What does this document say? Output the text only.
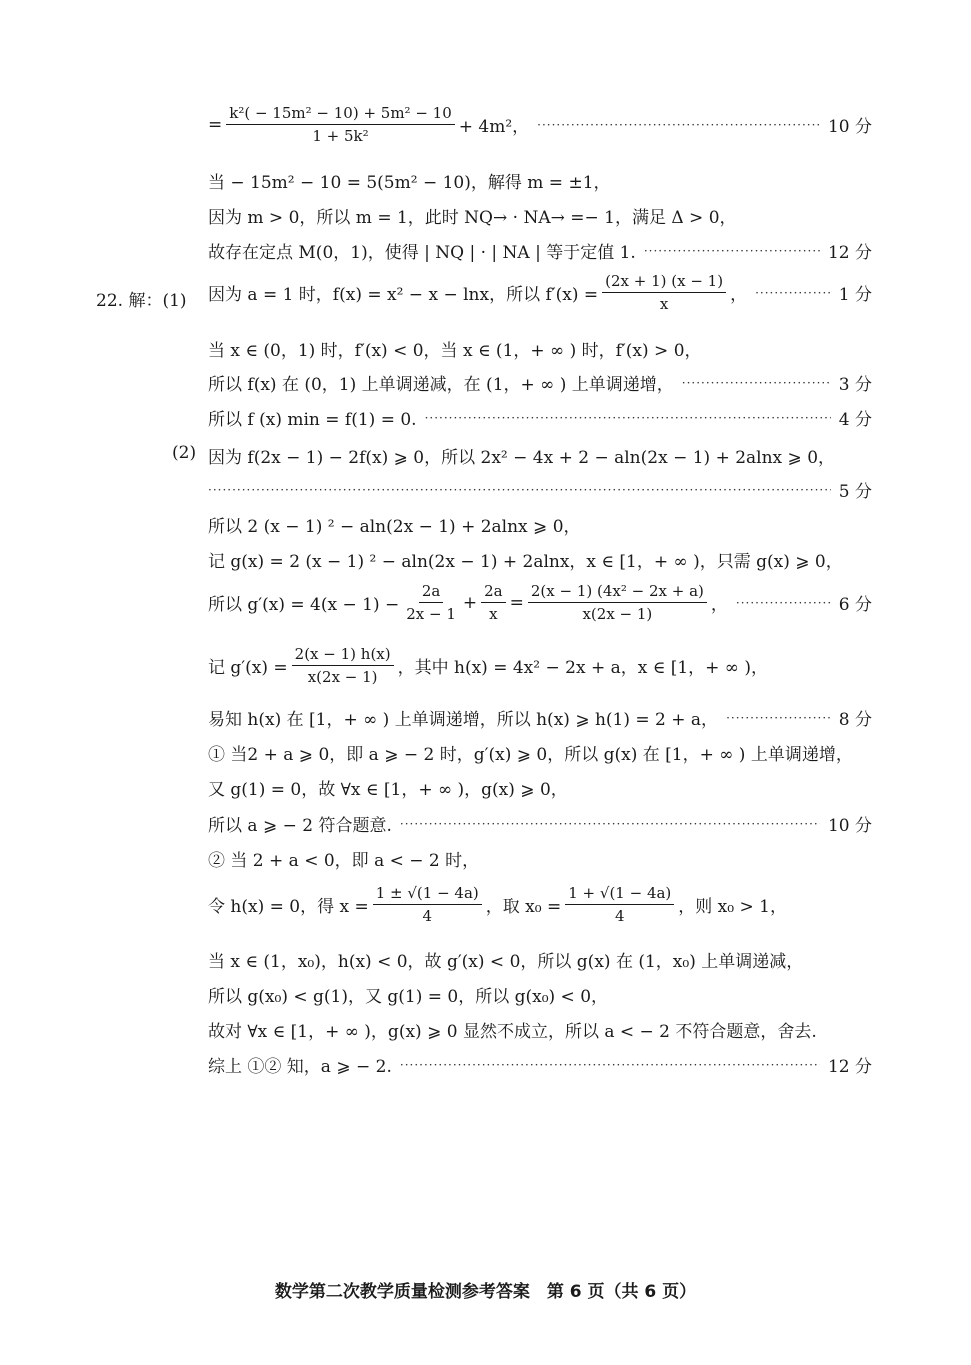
= $\frac{\text{k²( − 15m² − 10) + 5m² − 10}}{\text{1 + 5k²}} + 4m^2$， ·····	10 分
当 − 15m² − 10 = 5(5m² − 10)，解得 m = ±1，
因为 m > 0，所以 m = 1，此时 NQ→ · NA→ =− 1，满足 Δ > 0，
故存在定点 M(0，1)，使得 | NQ | · | NA | 等于定值 1. ·····	12 分
22. 解：(1) 因为 a = 1 时，f(x) = x² − x − lnx，所以 $f'(x) = \frac{(2x + 1) (x - 1)}{x}$ ， ·····	1 分
当 x ∈ (0，1) 时，f′(x) < 0，当 x ∈ (1，+ ∞ ) 时，f′(x) > 0，
所以 f(x) 在 (0，1) 上单调递减，在 (1，+ ∞ ) 上单调递增， ·····	3 分
所以 f (x) min = f(1) = 0. ·····	4 分
(2) 因为 f(2x − 1) − 2f(x) ⩾ 0，所以 2x² − 4x + 2 − aln(2x − 1) + 2alnx ⩾ 0，
·····
5 分
所以 2 (x − 1) ² − aln(2x − 1) + 2alnx ⩾ 0，
记 g(x) = 2 (x − 1) ² − aln(2x − 1) + 2alnx，x ∈ [1，+ ∞ )，只需 g(x) ⩾ 0，
所以 $g'(x) = 4(x - 1) - \frac{2a}{2x - 1} + \frac{2a}{x} = \frac{\text{2(x − 1) (4x² − 2x + a)}}{x(2x - 1)}$ ， ·····	6 分
记 $g'(x) = \frac{2(x - 1) h(x)}{x(2x - 1)}$ ，其中 h(x) = 4x² − 2x + a，x ∈ [1，+ ∞ )，
易知 h(x) 在 [1，+ ∞ ) 上单调递增，所以 h(x) ⩾ h(1) = 2 + a， ·····	8 分
① 当2 + a ⩾ 0，即 a ⩾ − 2 时，g′(x) ⩾ 0，所以 g(x) 在 [1，+ ∞ ) 上单调递增，
又 g(1) = 0，故 ∀x ∈ [1，+ ∞ )，g(x) ⩾ 0，
所以 a ⩾ − 2 符合题意. ·····	10 分
② 当 2 + a < 0，即 a < − 2 时，
令 h(x) = 0，得 $x = \frac{1 \pm √(1 - 4a)}{4}$ ，取 $x_0 = \frac{1 + √(1 - 4a)}{4}$ ，则 x₀ > 1，
当 x ∈ (1，x₀)，h(x) < 0，故 g′(x) < 0，所以 g(x) 在 (1，x₀) 上单调递减，
所以 g(x₀) < g(1)，又 g(1) = 0，所以 g(x₀) < 0，
故对 ∀x ∈ [1，+ ∞ )，g(x) ⩾ 0 显然不成立，所以 a < − 2 不符合题意，舍去.
综上 ①② 知，a ⩾ − 2. ·····	12 分
数学第二次教学质量检测参考答案　第 6 页（共 6 页）
